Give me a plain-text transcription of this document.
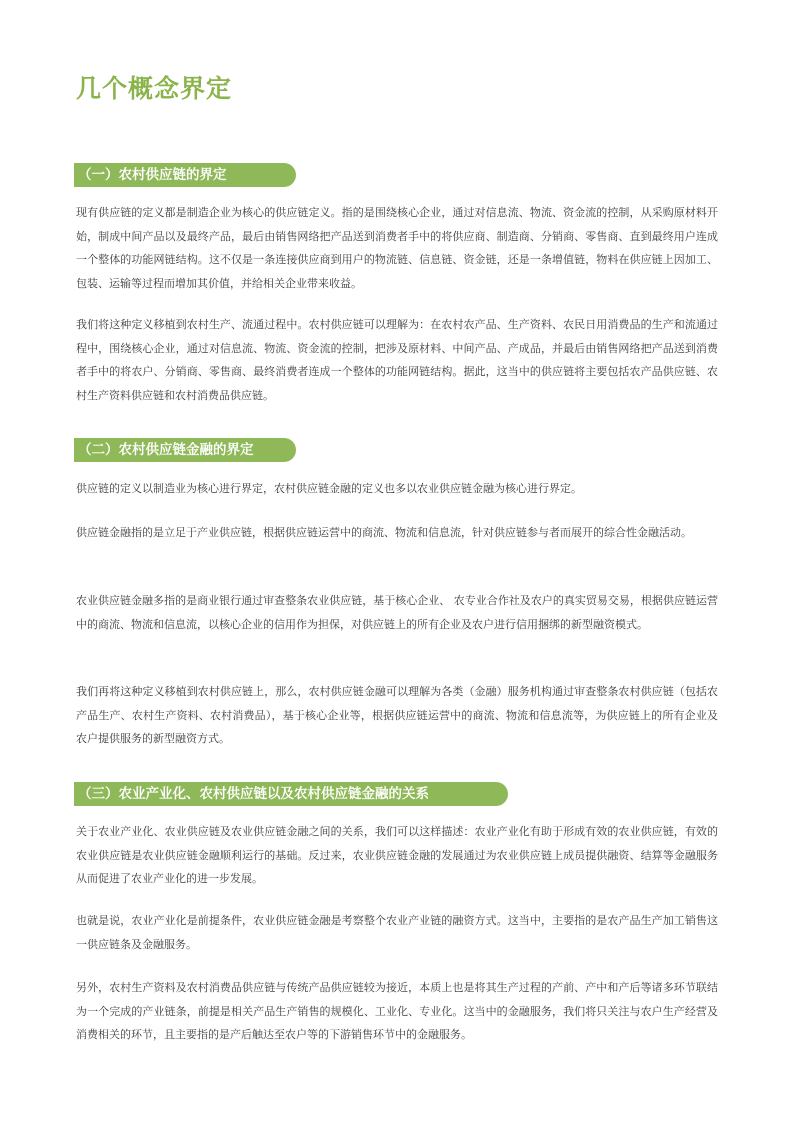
几个概念界定
（一）农村供应链的界定

现有供应链的定义都是制造企业为核心的供应链定义。指的是围绕核心企业，通过对信息流、物流、资金流的控制，从采购原材料开始，制成中间产品以及最终产品，最后由销售网络把产品送到消费者手中的将供应商、制造商、分销商、零售商、直到最终用户连成一个整体的功能网链结构。这不仅是一条连接供应商到用户的物流链、信息链、资金链，还是一条增值链，物料在供应链上因加工、包装、运输等过程而增加其价值，并给相关企业带来收益。

我们将这种定义移植到农村生产、流通过程中。农村供应链可以理解为：在农村农产品、生产资料、农民日用消费品的生产和流通过程中，围绕核心企业，通过对信息流、物流、资金流的控制，把涉及原材料、中间产品、产成品，并最后由销售网络把产品送到消费者手中的将农户、分销商、零售商、最终消费者连成一个整体的功能网链结构。据此，这当中的供应链将主要包括农产品供应链、农村生产资料供应链和农村消费品供应链。

（二）农村供应链金融的界定

供应链的定义以制造业为核心进行界定，农村供应链金融的定义也多以农业供应链金融为核心进行界定。

供应链金融指的是立足于产业供应链，根据供应链运营中的商流、物流和信息流，针对供应链参与者而展开的综合性金融活动。

农业供应链金融多指的是商业银行通过审查整条农业供应链，基于核心企业、 农专业合作社及农户的真实贸易交易，根据供应链运营中的商流、物流和信息流，以核心企业的信用作为担保，对供应链上的所有企业及农户进行信用捆绑的新型融资模式。

我们再将这种定义移植到农村供应链上，那么，农村供应链金融可以理解为各类（金融）服务机构通过审查整条农村供应链（包括农产品生产、农村生产资料、农村消费品），基于核心企业等，根据供应链运营中的商流、物流和信息流等，为供应链上的所有企业及农户提供服务的新型融资方式。

（三）农业产业化、农村供应链以及农村供应链金融的关系

关于农业产业化、农业供应链及农业供应链金融之间的关系，我们可以这样描述：农业产业化有助于形成有效的农业供应链，有效的农业供应链是农业供应链金融顺利运行的基础。反过来，农业供应链金融的发展通过为农业供应链上成员提供融资、结算等金融服务从而促进了农业产业化的进一步发展。

也就是说，农业产业化是前提条件，农业供应链金融是考察整个农业产业链的融资方式。这当中，主要指的是农产品生产加工销售这一供应链条及金融服务。

另外，农村生产资料及农村消费品供应链与传统产品供应链较为接近，本质上也是将其生产过程的产前、产中和产后等诸多环节联结为一个完成的产业链条，前提是相关产品生产销售的规模化、工业化、专业化。这当中的金融服务，我们将只关注与农户生产经营及消费相关的环节，且主要指的是产后触达至农户等的下游销售环节中的金融服务。
